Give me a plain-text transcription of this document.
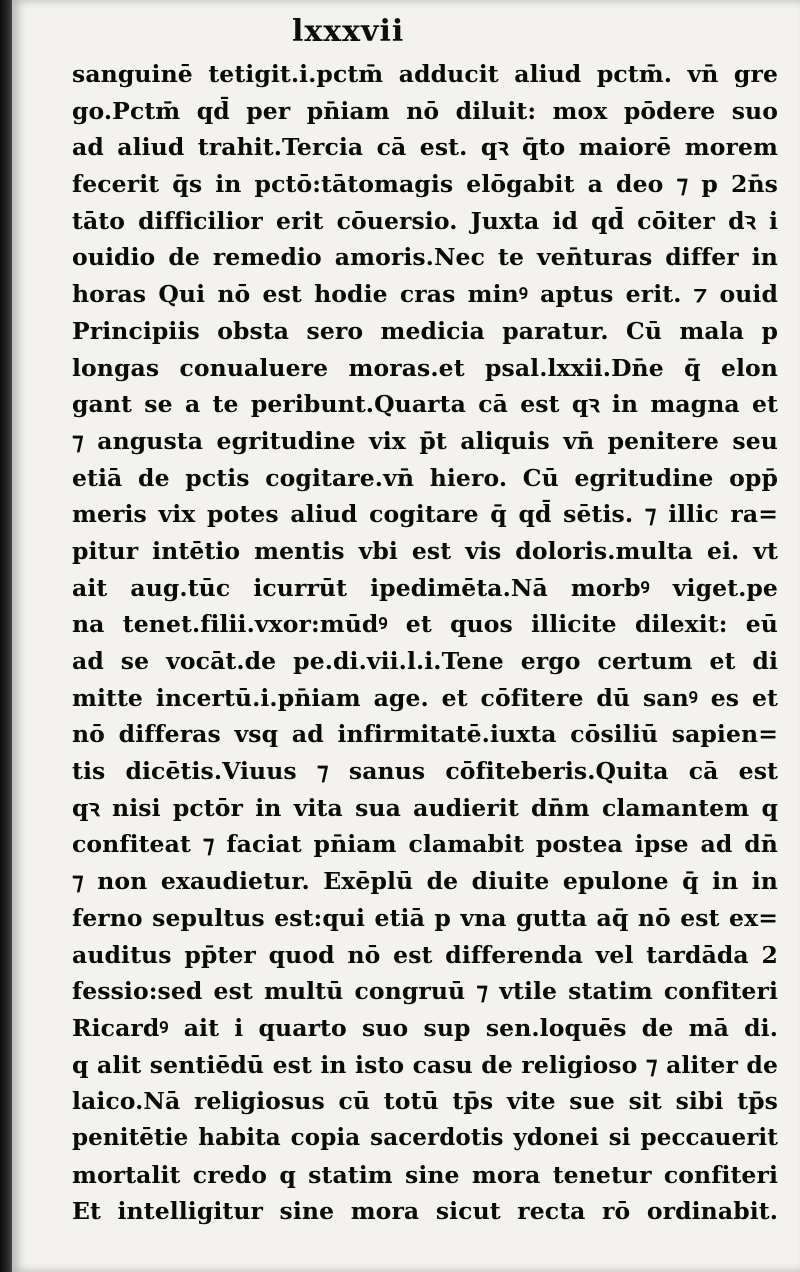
lxxxvii
sanguinē tetigit.i.pctm̄ adducit aliud pctm̄. vn̄ gre
go.Pctm̄ qd̄ per pn̄iam nō diluit: mox pōdere suo
ad aliud trahit.Tercia cā est. qꝛ q̄to maiorē morem
fecerit q̄s in pctō:tātomagis elōgabit a deo ⁊ p 2n̄s
tāto difficilior erit cōuersio. Juxta id qd̄ cōiter dꝛ i
ouidio de remedio amoris.Nec te ven̄turas differ in
horas Qui nō est hodie cras minꝰ aptus erit. ⁊ ouid
Principiis obsta sero medicia paratur. Cū mala p
longas conualuere moras.et psal.lxxii.Dn̄e q̄ elon
gant se a te peribunt.Quarta cā est qꝛ in magna et
⁊ angusta egritudine vix p̄t aliquis vn̄ penitere seu
etiā de pctis cogitare.vn̄ hiero. Cū egritudine opp̄
meris vix potes aliud cogitare q̄ qd̄ sētis. ⁊ illic ra=
pitur intētio mentis vbi est vis doloris.multa ei. vt
ait aug.tūc icurrūt ipedimēta.Nā morbꝰ viget.pe
na tenet.filii.vxor:mūdꝰ et quos illicite dilexit: eū
ad se vocāt.de pe.di.vii.l.i.Tene ergo certum et di
mitte incertū.i.pn̄iam age. et cōfitere dū sanꝰ es et
nō differas vsq ad infirmitatē.iuxta cōsiliū sapien=
tis dicētis.Viuus ⁊ sanus cōfiteberis.Quita cā est
qꝛ nisi pctōr in vita sua audierit dn̄m clamantem q
confiteat ⁊ faciat pn̄iam clamabit postea ipse ad dn̄
⁊ non exaudietur. Exēplū de diuite epulone q̄ in in
ferno sepultus est:qui etiā p vna gutta aq̄ nō est ex=
auditus pp̄ter quod nō est differenda vel tardāda 2
fessio:sed est multū congruū ⁊ vtile statim confiteri
Ricardꝰ ait i quarto suo sup sen.loquēs de mā di.
q alit sentiēdū est in isto casu de religioso ⁊ aliter de
laico.Nā religiosus cū totū tp̄s vite sue sit sibi tp̄s
penitētie habita copia sacerdotis ydonei si peccauerit
mortalit credo q statim sine mora tenetur confiteri
Et intelligitur sine mora sicut recta rō ordinabit.
